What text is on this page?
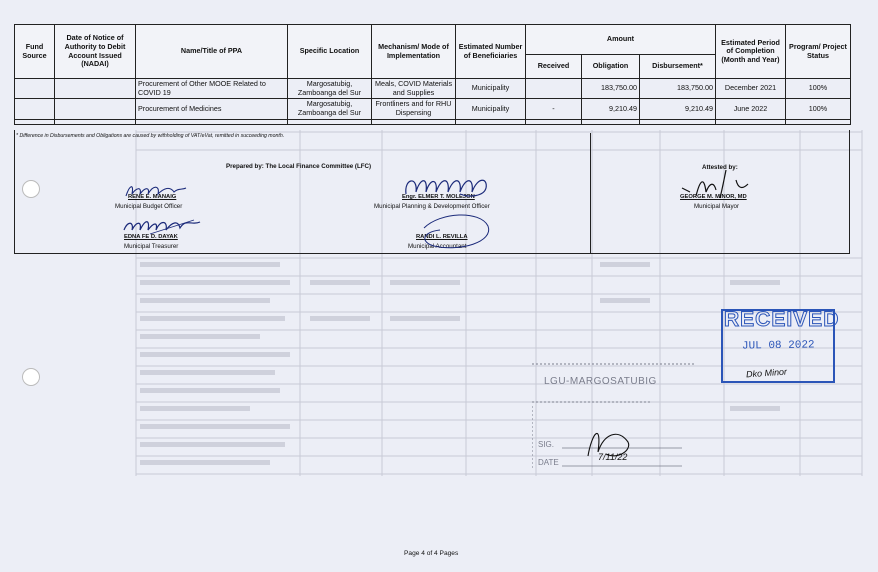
Fund Source	Date of Notice of Authority to Debit Account Issued (NADAI)	Name/Title of PPA	Specific Location	Mechanism/ Mode of Implementation	Estimated Number of Beneficiaries	Amount			Estimated Period of Completion (Month and Year)	Program/ Project Status
						Received	Obligation	Disbursement*		
		Procurement of Other MOOE Related to COVID 19	Margosatubig, Zamboanga del Sur	Meals, COVID Materials and Supplies	Municipality		183,750.00	183,750.00	December 2021	100%
		Procurement of Medicines	Margosatubig, Zamboanga del Sur	Frontliners and for RHU Dispensing	Municipality	-	9,210.49	9,210.49	June 2022	100%

* Difference in Disbursements and Obligations are caused by withholding of VAT/eVat, remitted in succeeding month.
Prepared by: The Local Finance Committee (LFC)	Attested by:
RENE E. MANAIG
Municipal Budget Officer
Engr. ELMER T. MOLEJON
Municipal Planning & Development Officer
EDNA FE D. DAYAK
Municipal Treasurer
RANDI L. REVILLA
Municipal Accountant
GEORGE M. MINOR, MD
Municipal Mayor
RECEIVED
JUL 08 2022
Dko Minor
LGU-MARGOSATUBIG
SIG.
DATE
7/11/22
Page 4 of 4 Pages
